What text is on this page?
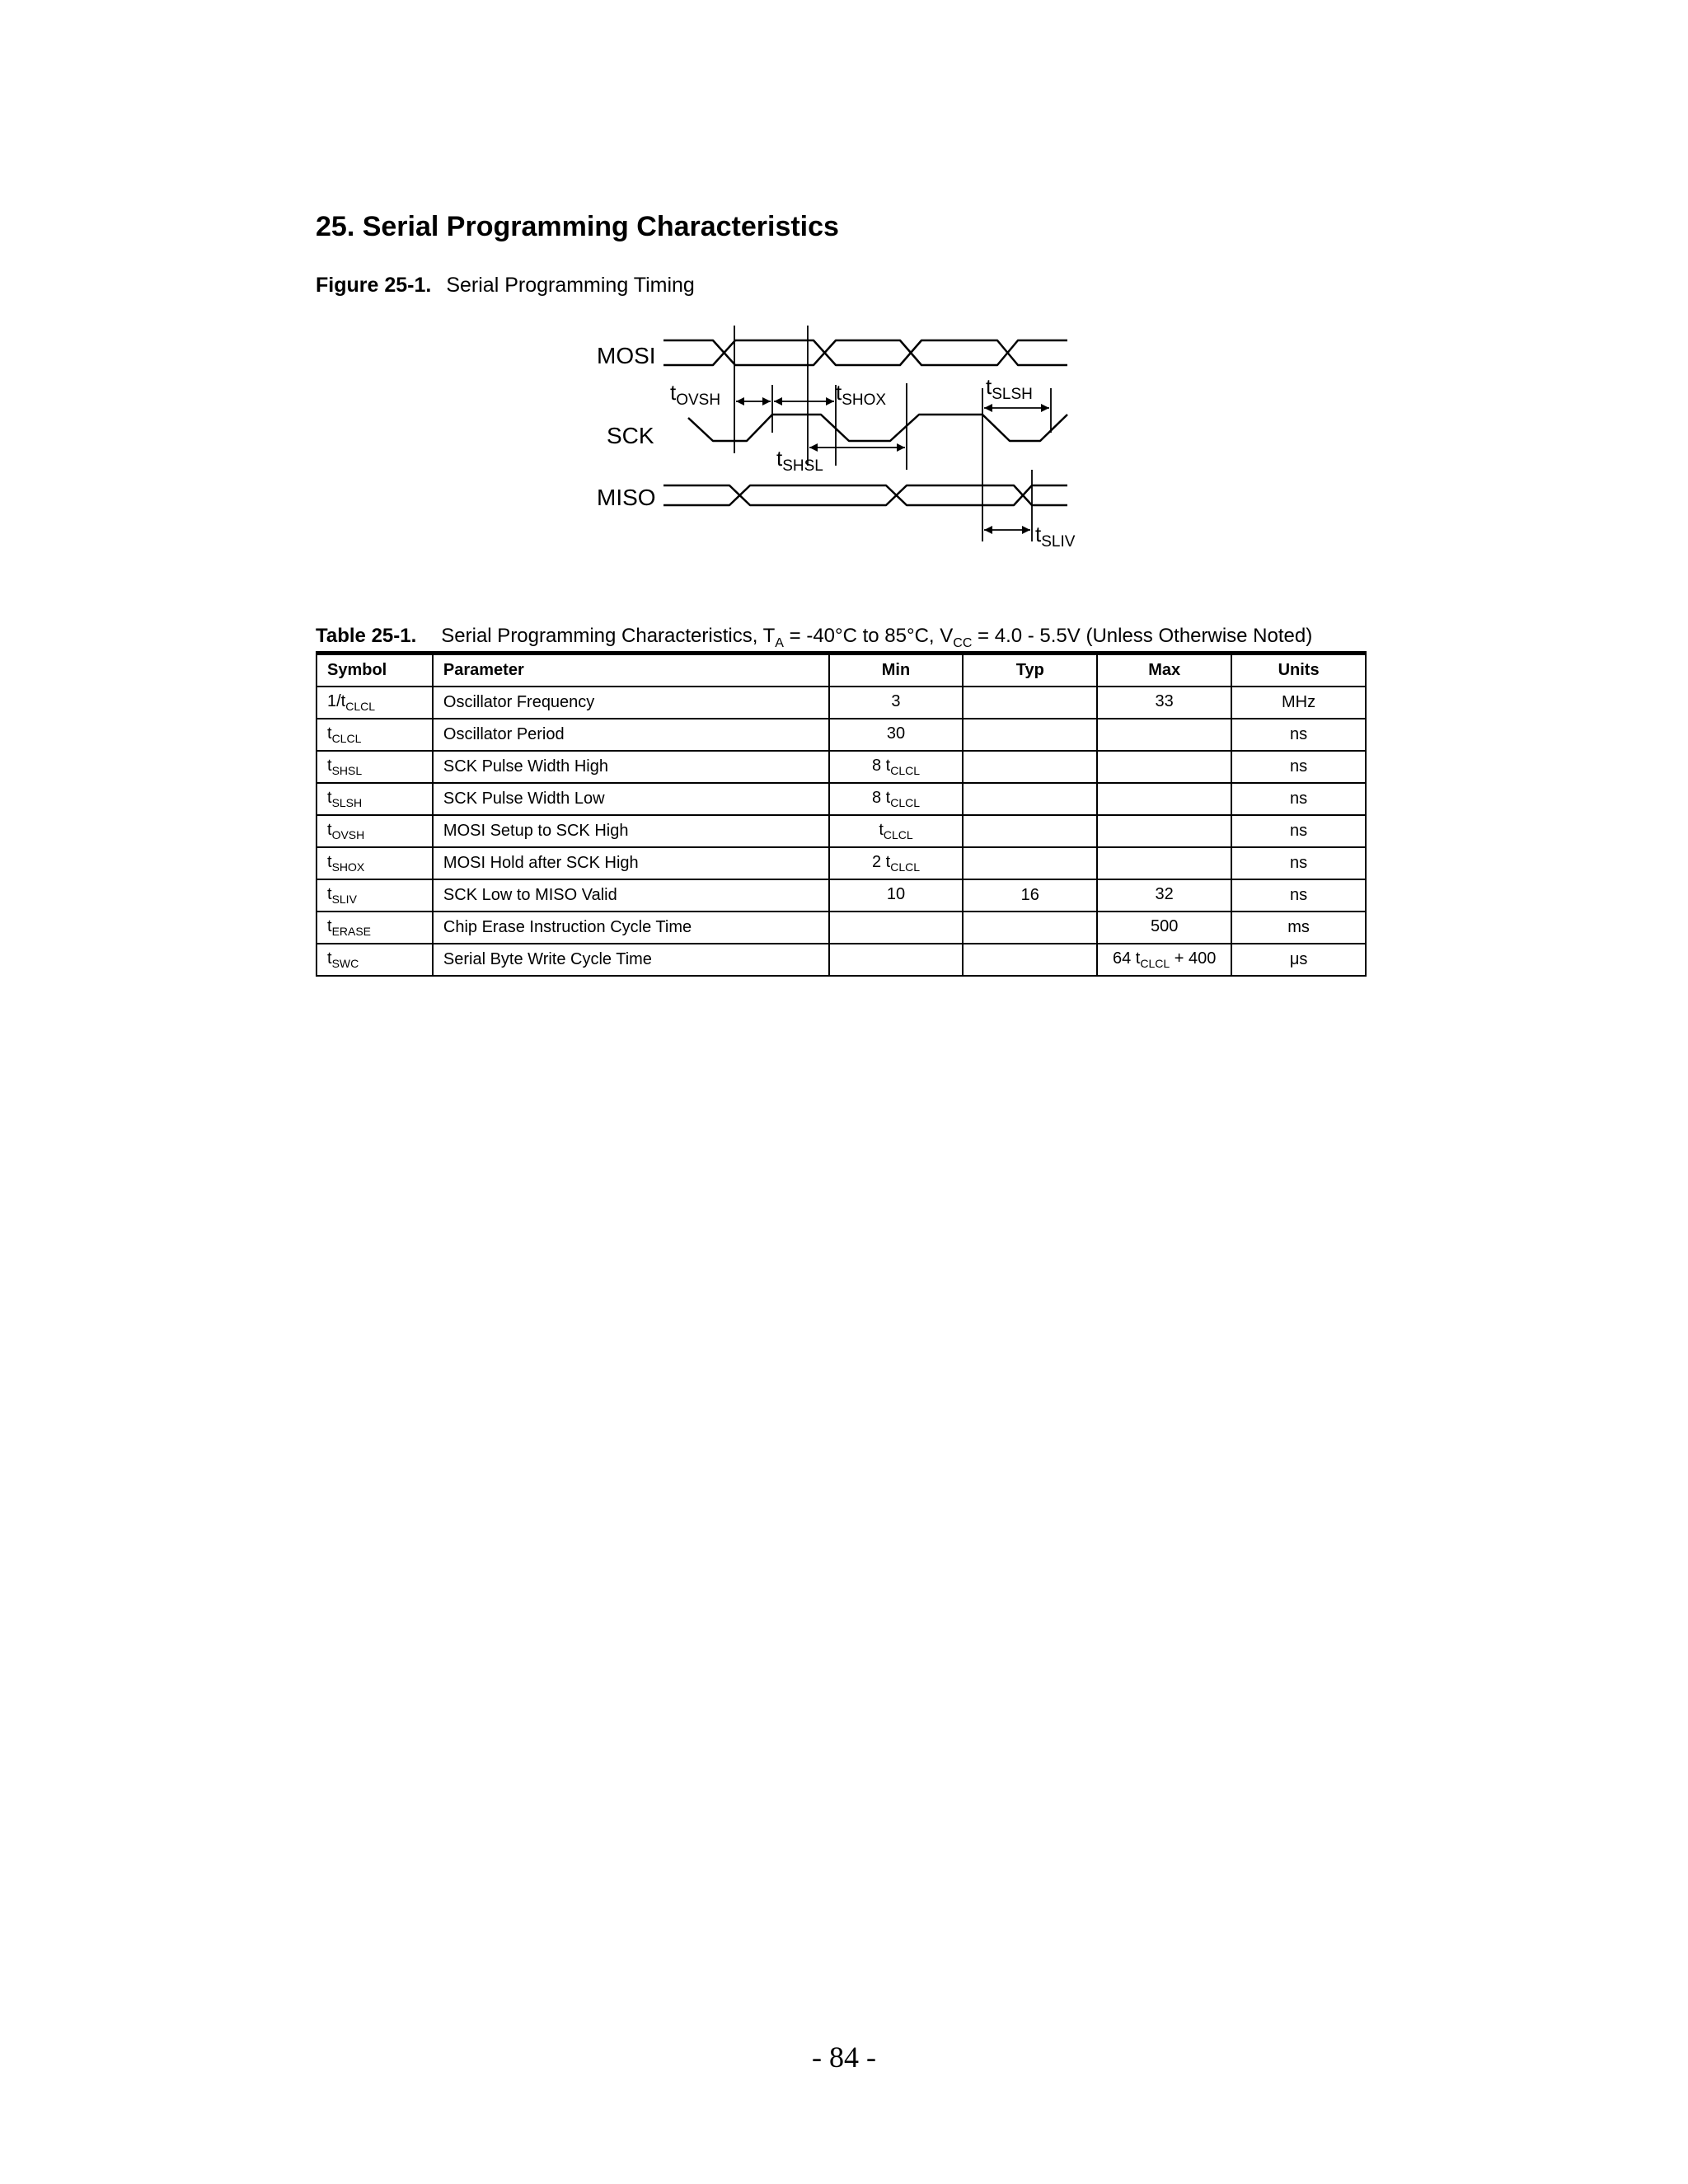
25. Serial Programming Characteristics
Figure 25-1. Serial Programming Timing
MOSI
SCK
MISO
$t_{OVSH}$	$t_{SHOX}$
$t_{SLSH}$
$t_{SHSL}$
$t_{SLIV}$
Table 25-1. Serial Programming Characteristics, $T_A = -40^\circ C$ to 85°C, $V_{CC} = 4.0 - 5.5V$ (Unless Otherwise Noted)
Symbol	Parameter	Min	Typ	Max	Units
$1/t_{CLCL}$	Oscillator Frequency	3		33	MHz
$t_{CLCL}$	Oscillator Period	30			ns
$t_{SHSL}$	SCK Pulse Width High	8 $t_{CLCL}$			ns
$t_{SLSH}$	SCK Pulse Width Low	8 $t_{CLCL}$			ns
$t_{OVSH}$	MOSI Setup to SCK High	$t_{CLCL}$			ns
$t_{SHOX}$	MOSI Hold after SCK High	2 $t_{CLCL}$			ns
$t_{SLIV}$	SCK Low to MISO Valid	10	16	32	ns
$t_{ERASE}$	Chip Erase Instruction Cycle Time			500	ms
$t_{SWC}$	Serial Byte Write Cycle Time			64 $t_{CLCL} + 400$	μs
- 84 -
